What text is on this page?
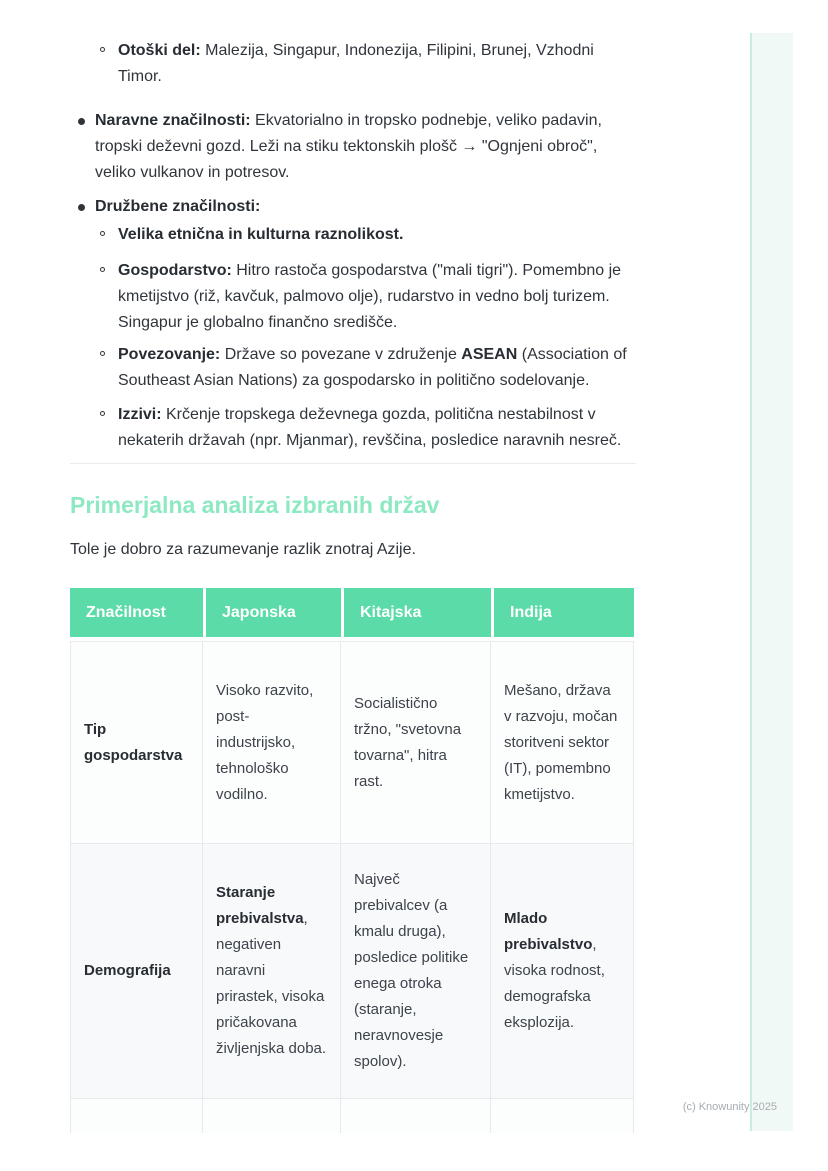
Otoški del: Malezija, Singapur, Indonezija, Filipini, Brunej, Vzhodni Timor.
Naravne značilnosti: Ekvatorialno in tropsko podnebje, veliko padavin, tropski deževni gozd. Leži na stiku tektonskih plošč → "Ognjeni obroč", veliko vulkanov in potresov.
Družbene značilnosti:
Velika etnična in kulturna raznolikost.
Gospodarstvo: Hitro rastoča gospodarstva ("mali tigri"). Pomembno je kmetijstvo (riž, kavčuk, palmovo olje), rudarstvo in vedno bolj turizem. Singapur je globalno finančno središče.
Povezovanje: Države so povezane v združenje ASEAN (Association of Southeast Asian Nations) za gospodarsko in politično sodelovanje.
Izzivi: Krčenje tropskega deževnega gozda, politična nestabilnost v nekaterih državah (npr. Mjanmar), revščina, posledice naravnih nesreč.
Primerjalna analiza izbranih držav

Tole je dobro za razumevanje razlik znotraj Azije.

Značilnost	Japonska	Kitajska	Indija
Tip gospodarstva	Visoko razvito, post-industrijsko, tehnološko vodilno.	Socialistično tržno, "svetovna tovarna", hitra rast.	Mešano, država v razvoju, močan storitveni sektor (IT), pomembno kmetijstvo.
Demografija	Staranje prebivalstva, negativen naravni prirastek, visoka pričakovana življenjska doba.	Največ prebivalcev (a kmalu druga), posledice politike enega otroka (staranje, neravnovesje spolov).	Mlado prebivalstvo, visoka rodnost, demografska eksplozija.

(c) Knowunity 2025
